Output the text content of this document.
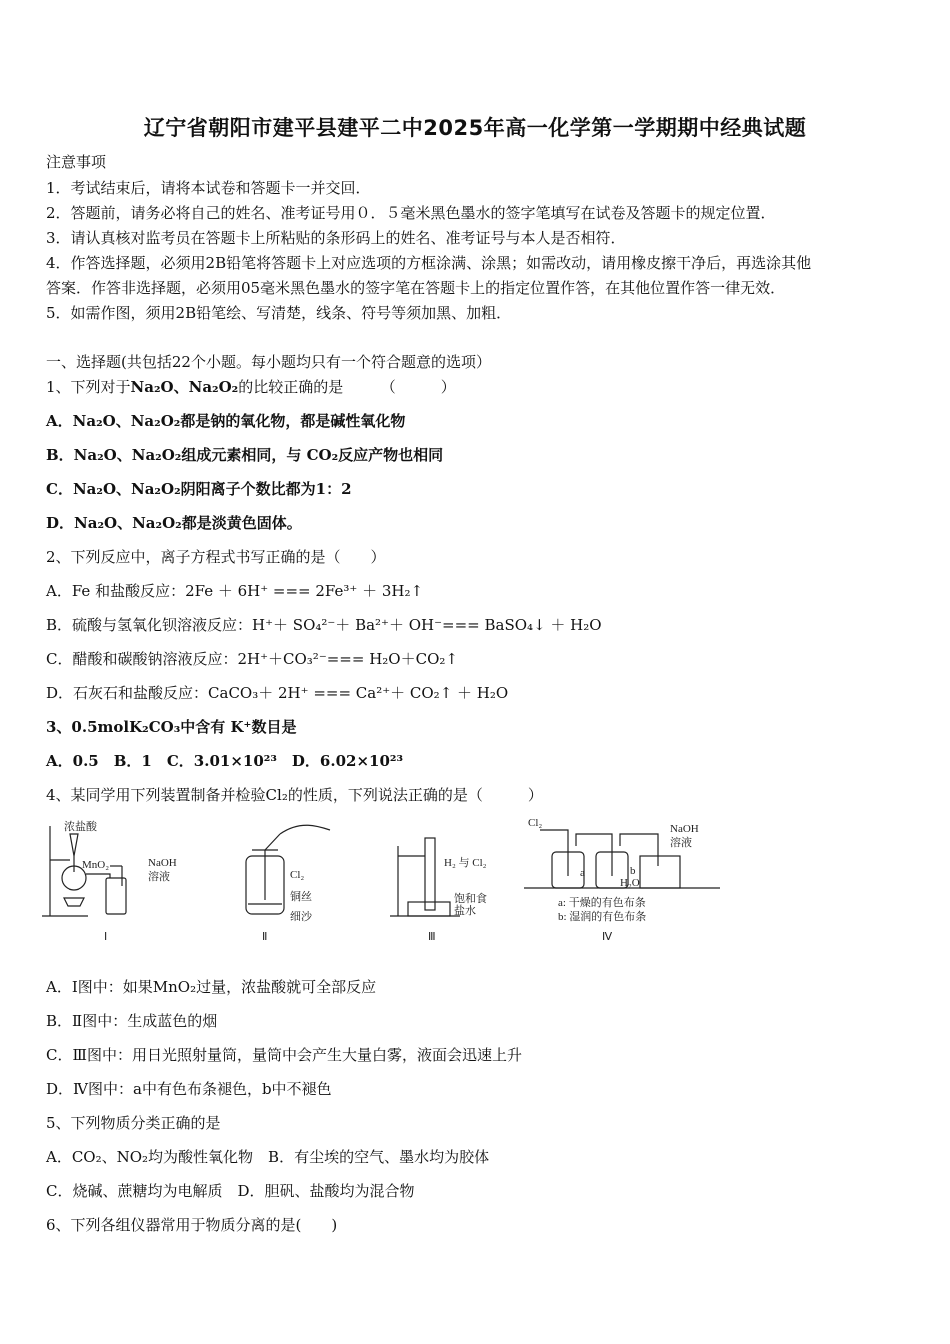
辽宁省朝阳市建平县建平二中2025年高一化学第一学期期中经典试题
注意事项
1．考试结束后，请将本试卷和答题卡一并交回．
2．答题前，请务必将自己的姓名、准考证号用０．５毫米黑色墨水的签字笔填写在试卷及答题卡的规定位置．
3．请认真核对监考员在答题卡上所粘贴的条形码上的姓名、准考证号与本人是否相符．
4．作答选择题，必须用2B铅笔将答题卡上对应选项的方框涂满、涂黑；如需改动，请用橡皮擦干净后，再选涂其他
答案．作答非选择题，必须用05毫米黑色墨水的签字笔在答题卡上的指定位置作答，在其他位置作答一律无效．
5．如需作图，须用2B铅笔绘、写清楚，线条、符号等须加黑、加粗．
一、选择题(共包括22个小题。每小题均只有一个符合题意的选项）
1、下列对于Na₂O、Na₂O₂的比较正确的是　　　（　　　）
A．Na₂O、Na₂O₂都是钠的氧化物，都是碱性氧化物
B．Na₂O、Na₂O₂组成元素相同，与 CO₂反应产物也相同
C．Na₂O、Na₂O₂阴阳离子个数比都为1：2
D．Na₂O、Na₂O₂都是淡黄色固体。
2、下列反应中，离子方程式书写正确的是（　　）
A．Fe 和盐酸反应：2Fe ＋ 6H⁺ === 2Fe³⁺ ＋ 3H₂↑
B．硫酸与氢氧化钡溶液反应：H⁺＋ SO₄²⁻＋ Ba²⁺＋ OH⁻=== BaSO₄↓ ＋ H₂O
C．醋酸和碳酸钠溶液反应：2H⁺＋CO₃²⁻=== H₂O＋CO₂↑
D．石灰石和盐酸反应：CaCO₃＋ 2H⁺ === Ca²⁺＋ CO₂↑ ＋ H₂O
3、0.5molK₂CO₃中含有 K⁺数目是
A．0.5　B．1　C．3.01×10²³　D．6.02×10²³
4、某同学用下列装置制备并检验Cl₂的性质，下列说法正确的是（　　　）
浓盐酸
MnO₂	NaOH
溶液
Ⅰ
Cl₂
铜丝
细沙
Ⅱ
H₂ 与 Cl₂
饱和食
盐水
Ⅲ
Cl₂	NaOH
溶液
a	b
H₂O
a: 干燥的有色布条
b: 湿润的有色布条
Ⅳ
A．Ⅰ图中：如果MnO₂过量，浓盐酸就可全部反应
B．Ⅱ图中：生成蓝色的烟
C．Ⅲ图中：用日光照射量筒，量筒中会产生大量白雾，液面会迅速上升
D．Ⅳ图中：a中有色布条褪色，b中不褪色
5、下列物质分类正确的是
A．CO₂、NO₂均为酸性氧化物　B．有尘埃的空气、墨水均为胶体
C．烧碱、蔗糖均为电解质　D．胆矾、盐酸均为混合物
6、下列各组仪器常用于物质分离的是(　　)
